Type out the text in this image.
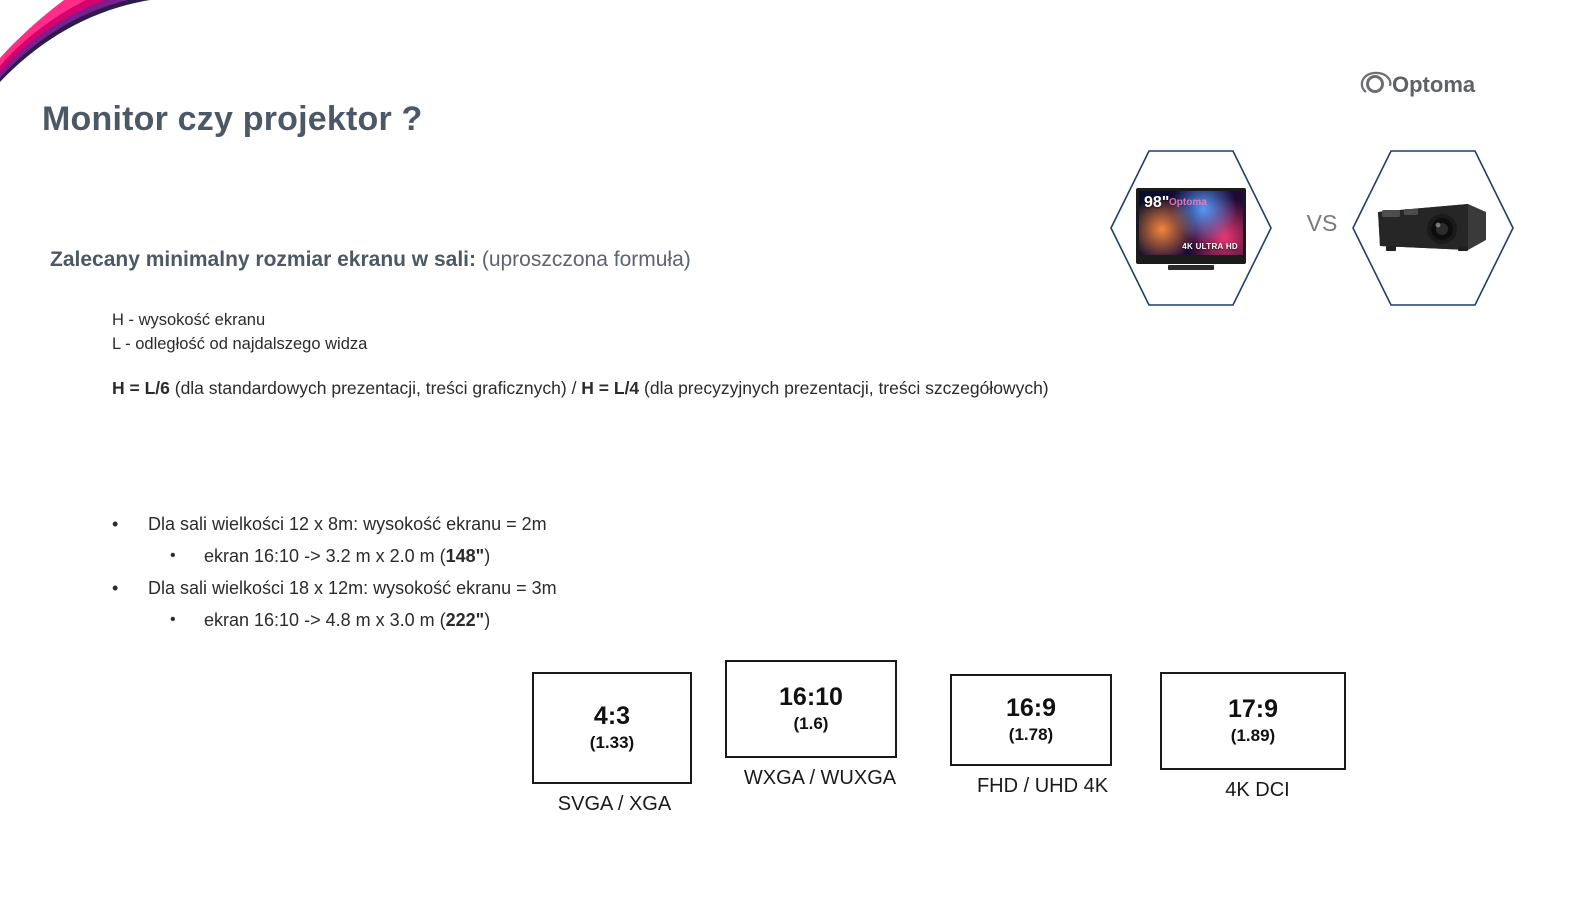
Optoma
Monitor czy projektor ?
98" Optoma
4K ULTRA HD
VS
Zalecany minimalny rozmiar ekranu w sali: (uproszczona formuła)
H - wysokość ekranu
L - odległość od najdalszego widza
H = L/6 (dla standardowych prezentacji, treści graficznych) / H = L/4 (dla precyzyjnych prezentacji, treści szczegółowych)
• Dla sali wielkości 12 x 8m: wysokość ekranu = 2m
• ekran 16:10 -> 3.2 m x 2.0 m (148")
• Dla sali wielkości 18 x 12m: wysokość ekranu = 3m
• ekran 16:10 -> 4.8 m x 3.0 m (222")
4:3
(1.33)
SVGA / XGA
16:10
(1.6)
WXGA / WUXGA
16:9
(1.78)
FHD / UHD 4K
17:9
(1.89)
4K DCI
